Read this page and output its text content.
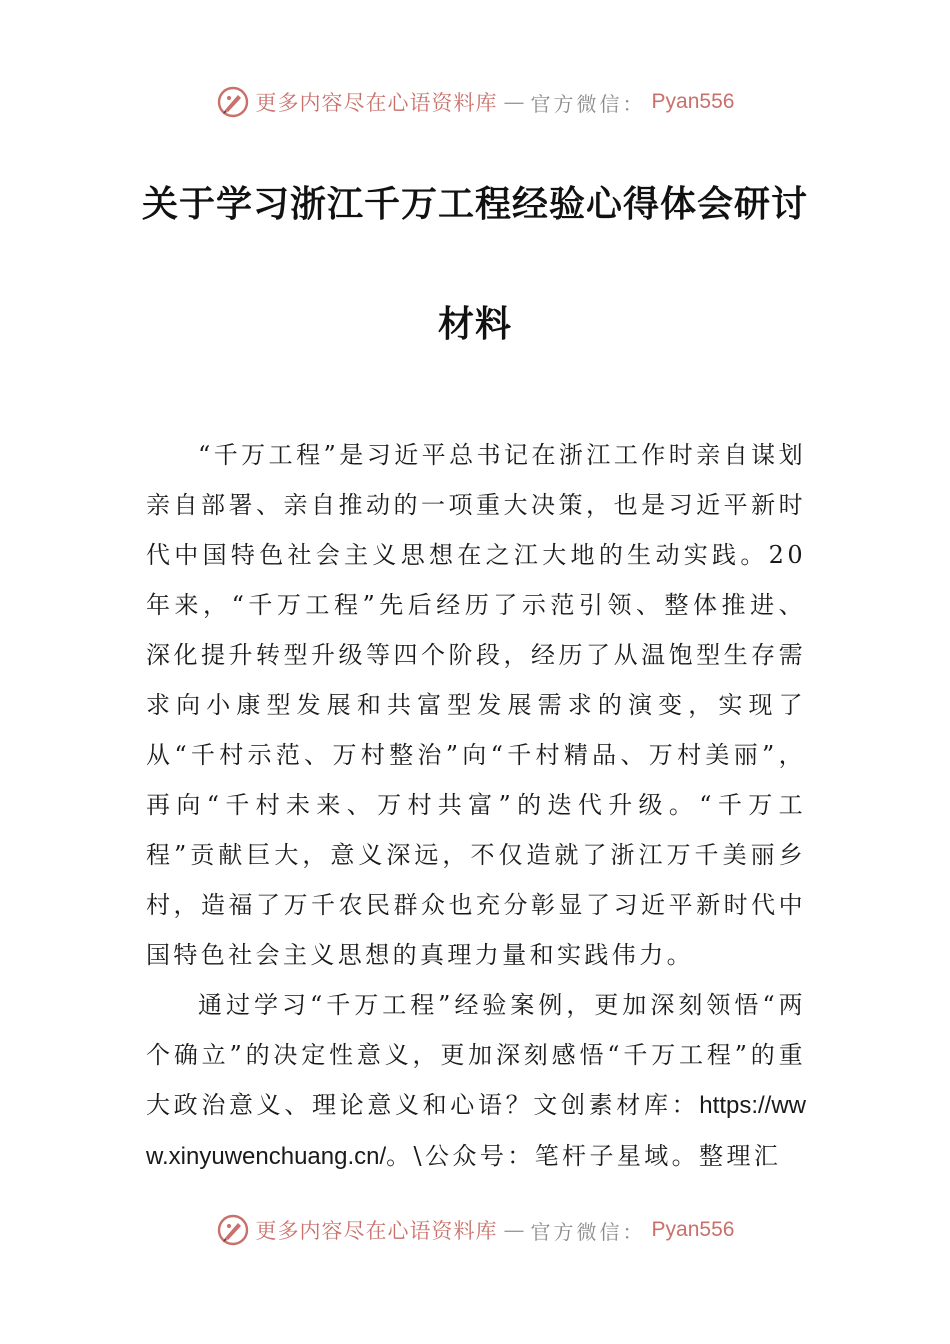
更多内容尽在心语资料库 — 官方微信： Pyan556
关于学习浙江千万工程经验心得体会研讨
材料

“千万工程”是习近平总书记在浙江工作时亲自谋划亲自部署、亲自推动的一项重大决策，也是习近平新时代中国特色社会主义思想在之江大地的生动实践。20年来，“千万工程”先后经历了示范引领、整体推进、深化提升转型升级等四个阶段，经历了从温饱型生存需求向小康型发展和共富型发展需求的演变，实现了从“千村示范、万村整治”向“千村精品、万村美丽”，再向“千村未来、万村共富”的迭代升级。“千万工程”贡献巨大，意义深远，不仅造就了浙江万千美丽乡村，造福了万千农民群众也充分彰显了习近平新时代中国特色社会主义思想的真理力量和实践伟力。

通过学习“千万工程”经验案例，更加深刻领悟“两个确立”的决定性意义，更加深刻感悟“千万工程”的重大政治意义、理论意义和心语？文创素材库：https://www.xinyuwenchuang.cn/。\公众号：笔杆子星域。整理汇

更多内容尽在心语资料库 — 官方微信： Pyan556
